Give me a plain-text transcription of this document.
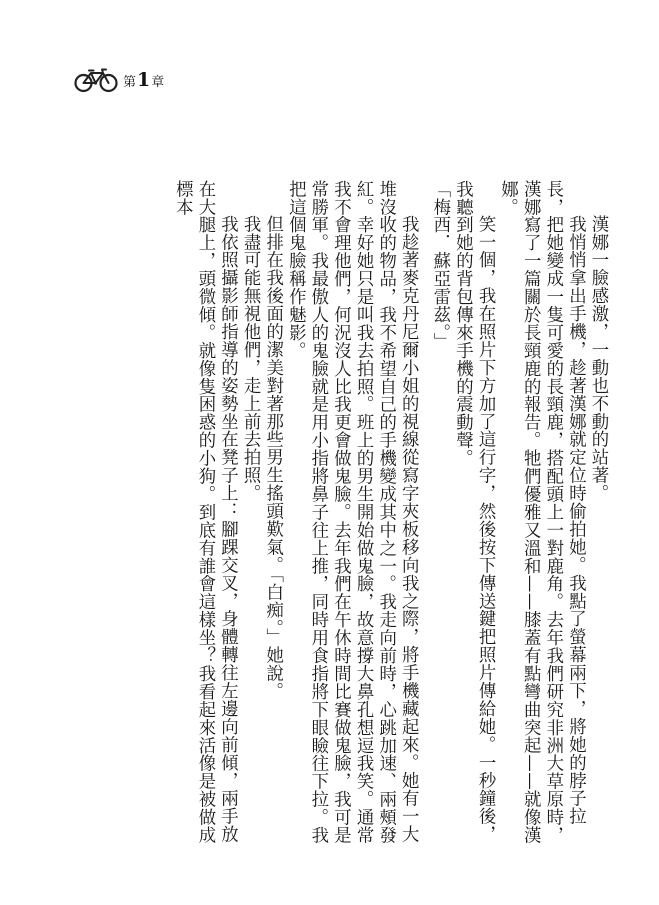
第 1 章

漢娜一臉感激，一動也不動的站著。

我悄悄拿出手機，趁著漢娜就定位時偷拍她。我點了螢幕兩下，將她的脖子拉長，把她變成一隻可愛的長頸鹿，搭配頭上一對鹿角。去年我們研究非洲大草原時，漢娜寫了一篇關於長頸鹿的報告。牠們優雅又溫和——膝蓋有點彎曲突起——就像漢娜。

笑一個，我在照片下方加了這行字，然後按下傳送鍵把照片傳給她。一秒鐘後，我聽到她的背包傳來手機的震動聲。

「梅西．蘇亞雷茲。」

我趁著麥克丹尼爾小姐的視線從寫字夾板移向我之際，將手機藏起來。她有一大堆沒收的物品，我不希望自己的手機變成其中之一。我走向前時，心跳加速、兩頰發紅。幸好她只是叫我去拍照。班上的男生開始做鬼臉，故意撐大鼻孔想逗我笑。通常我不會理他們，何況沒人比我更會做鬼臉。去年我們在午休時間比賽做鬼臉，我可是常勝軍。我最傲人的鬼臉就是用小指將鼻子往上推，同時用食指將下眼瞼往下拉。我把這個鬼臉稱作魅影。

但排在我後面的潔美對著那些男生搖頭歎氣。「白痴。」她說。

我盡可能無視他們，走上前去拍照。

我依照攝影師指導的姿勢坐在凳子上：腳踝交叉，身體轉往左邊向前傾，兩手放在大腿上，頭微傾。就像隻困惑的小狗。到底有誰會這樣坐？我看起來活像是被做成標本
